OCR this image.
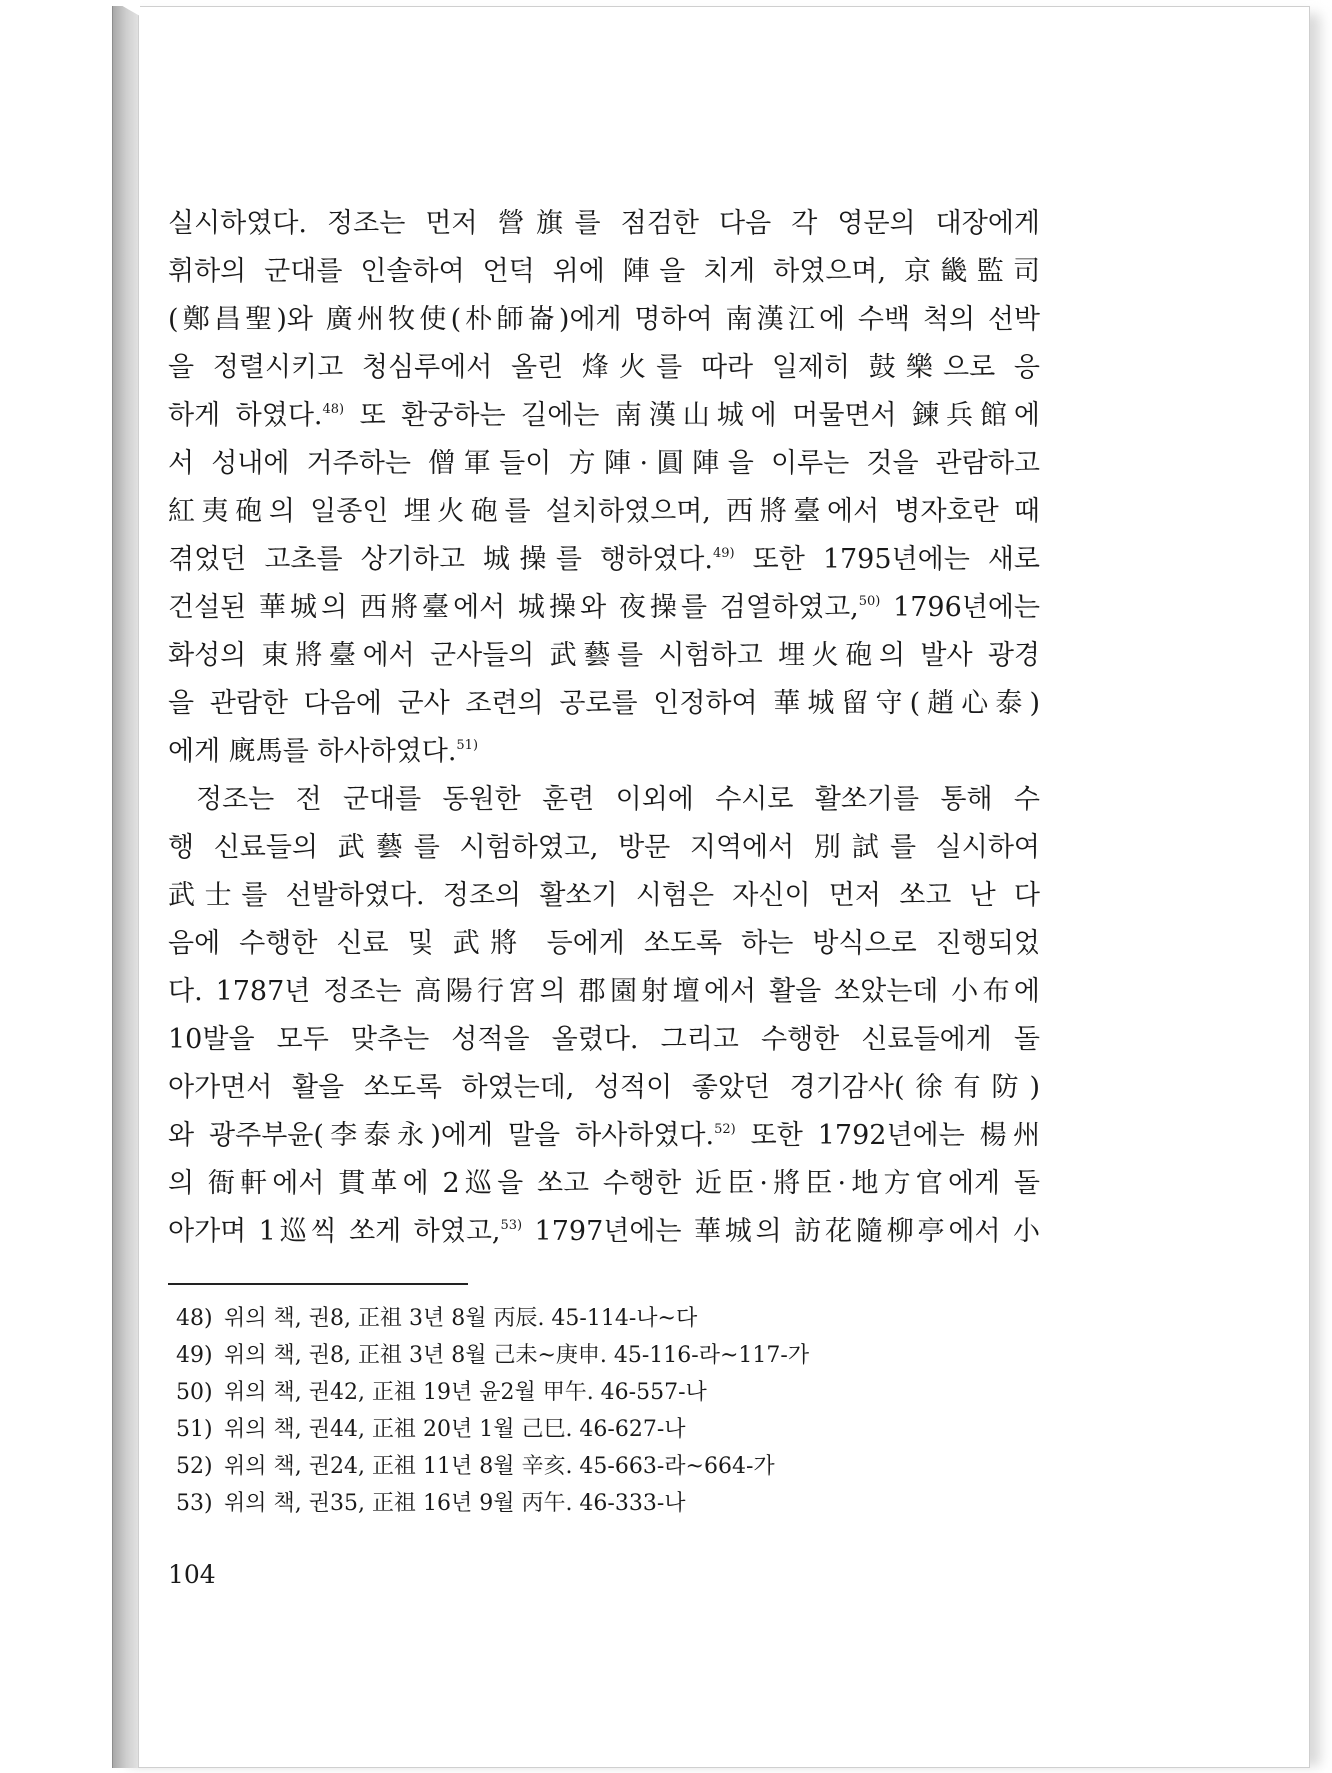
실시하였다. 정조는 먼저 營旗를 점검한 다음 각 영문의 대장에게
휘하의 군대를 인솔하여 언덕 위에 陣을 치게 하였으며, 京畿監司
(鄭昌聖)와 廣州牧使(朴師崙)에게 명하여 南漢江에 수백 척의 선박
을 정렬시키고 청심루에서 올린 烽火를 따라 일제히 鼓樂으로 응
하게 하였다.$^{48)}$ 또 환궁하는 길에는 南漢山城에 머물면서 鍊兵館에
서 성내에 거주하는 僧軍들이 方陣·圓陣을 이루는 것을 관람하고
紅夷砲의 일종인 埋火砲를 설치하였으며, 西將臺에서 병자호란 때
겪었던 고초를 상기하고 城操를 행하였다.$^{49)}$ 또한 1795년에는 새로
건설된 華城의 西將臺에서 城操와 夜操를 검열하였고,$^{50)}$ 1796년에는
화성의 東將臺에서 군사들의 武藝를 시험하고 埋火砲의 발사 광경
을 관람한 다음에 군사 조련의 공로를 인정하여 華城留守(趙心泰)
에게 廐馬를 하사하였다.$^{51)}$
정조는 전 군대를 동원한 훈련 이외에 수시로 활쏘기를 통해 수
행 신료들의 武藝를 시험하였고, 방문 지역에서 別試를 실시하여
武士를 선발하였다. 정조의 활쏘기 시험은 자신이 먼저 쏘고 난 다
음에 수행한 신료 및 武將 등에게 쏘도록 하는 방식으로 진행되었
다. 1787년 정조는 高陽行宮의 郡園射壇에서 활을 쏘았는데 小布에
10발을 모두 맞추는 성적을 올렸다. 그리고 수행한 신료들에게 돌
아가면서 활을 쏘도록 하였는데, 성적이 좋았던 경기감사(徐有防)
와 광주부윤(李泰永)에게 말을 하사하였다.$^{52)}$ 또한 1792년에는 楊州
의 衙軒에서 貫革에 2巡을 쏘고 수행한 近臣·將臣·地方官에게 돌
아가며 1巡씩 쏘게 하였고,$^{53)}$ 1797년에는 華城의 訪花隨柳亭에서 小
48) 위의 책, 권8, 正祖 3년 8월 丙辰. 45-114-나~다
49) 위의 책, 권8, 正祖 3년 8월 己未~庚申. 45-116-라~117-가
50) 위의 책, 권42, 正祖 19년 윤2월 甲午. 46-557-나
51) 위의 책, 권44, 正祖 20년 1월 己巳. 46-627-나
52) 위의 책, 권24, 正祖 11년 8월 辛亥. 45-663-라~664-가
53) 위의 책, 권35, 正祖 16년 9월 丙午. 46-333-나
104
